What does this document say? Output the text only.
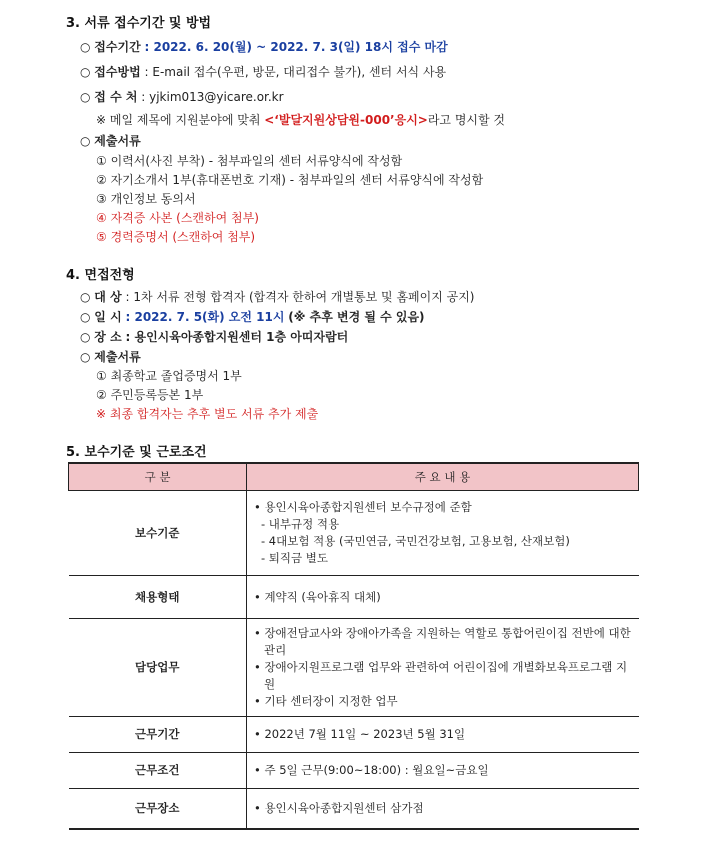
3. 서류 접수기간 및 방법
○ 접수기간 : 2022. 6. 20(월) ~ 2022. 7. 3(일) 18시 접수 마감
○ 접수방법 : E-mail 접수(우편, 방문, 대리접수 불가), 센터 서식 사용
○ 접 수 처 : yjkim013@yicare.or.kr
※ 메일 제목에 지원분야에 맞춰 <‘발달지원상담원-000’응시>라고 명시할 것
○ 제출서류
① 이력서(사진 부착) - 첨부파일의 센터 서류양식에 작성함
② 자기소개서 1부(휴대폰번호 기재) - 첨부파일의 센터 서류양식에 작성함
③ 개인정보 동의서
④ 자격증 사본 (스캔하여 첨부)
⑤ 경력증명서 (스캔하여 첨부)
4. 면접전형
○ 대 상 : 1차 서류 전형 합격자 (합격자 한하여 개별통보 및 홈페이지 공지)
○ 일 시 : 2022. 7. 5(화) 오전 11시 (※ 추후 변경 될 수 있음)
○ 장 소 : 용인시육아종합지원센터 1층 아띠자람터
○ 제출서류
① 최종학교 졸업증명서 1부
② 주민등록등본 1부
※ 최종 합격자는 추후 별도 서류 추가 제출
5. 보수기준 및 근로조건
구 분	주 요 내 용
보수기준	• 용인시육아종합지원센터 보수규정에 준함
- 내부규정 적용
- 4대보험 적용 (국민연금, 국민건강보험, 고용보험, 산재보험)
- 퇴직금 별도

채용형태	• 계약직 (육아휴직 대체)

담당업무	• 장애전담교사와 장애아가족을 지원하는 역할로 통합어린이집 전반에 대한 관리
• 장애아지원프로그램 업무와 관련하여 어린이집에 개별화보육프로그램 지원
• 기타 센터장이 지정한 업무

근무기간	• 2022년 7월 11일 ~ 2023년 5월 31일

근무조건	• 주 5일 근무(9:00~18:00) : 월요일~금요일

근무장소	• 용인시육아종합지원센터 삼가점
